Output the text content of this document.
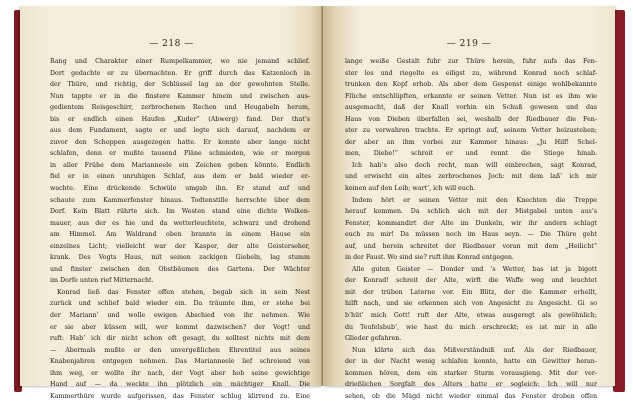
— 218 —
Rang und Charakter einer Rumpelkammer, wo nie jemand schlief.
Dort gedachte er zu übernachten. Er griff durch das Katzenloch in
der Thüre, und richtig, der Schlüssel lag an der gewohnten Stelle.
Nun tappte er in die finstere Kammer hinein und zwischen aus-
gedientem Reisgeschirr, zerbrochenen Rechen und Heugabeln herum,
bis er endlich einen Haufen „Kuder“ (Abwerg) fand. Der that’s
aus dem Fundament, sagte er und legte sich darauf, nachdem er
zuvor den Schoppen ausgezogen hatte. Er konnte aber lange nicht
schlafen, denn er mußte tausend Pläne schmieden, wie er morgen
in aller Frühe dem Marianneele ein Zeichen geben könnte. Endlich
fiel er in einen unruhigen Schlaf, aus dem er bald wieder er-
wachte. Eine drückende Schwüle umgab ihn. Er stand auf und
schaute zum Kammerfenster hinaus. Todtenstille herrschte über dem
Dorf. Kein Blatt rührte sich. Im Westen stand eine dichte Wolken-
mauer, aus der es hie und da wetterleuchtete, schwarz und drohend
am Himmel. Am Waldrand oben brannte in einem Hause ein
einzelnes Licht; vielleicht war der Kasper, der alte Geisterseher,
krank. Des Vogts Haus, mit seinen zackigen Giebeln, lag stumm
und finster zwischen den Obstbäumen des Gartens. Der Wächter
im Dorfe unten rief Mitternacht.
Konrad ließ das Fenster offen stehen, begab sich in sein Nest
zurück und schlief bald wieder ein. Da träumte ihm, er stehe bei
der Mariann’ und wolle ewigen Abschied von ihr nehmen. Wie
er sie aber küssen will, wer kommt dazwischen? der Vogt! und
ruft: Hab’ ich dir nicht schon oft gesagt, du solltest nichts mit dem
— Abermals mußte er den unvergeßlichen Ehrentitel aus seines
Knabenjahren entgegen nehmen. Das Marianneele lief schreiend von
ihm weg, er wollte ihr nach, der Vogt aber hob seine gewichtige
Hand auf — da weckte ihn plötzlich ein mächtiger Knall. Die
Kammerthüre wurde aufgerissen, das Fenster schlug klirrend zu. Eine
— 219 —
lange weiße Gestalt fuhr zur Thüre herein, fuhr aufs das Fen-
ster los und riegelte es eiligst zu, während Konrad noch schlaf-
trunken den Kopf erhob. Als aber dem Gespenst einige wohlbekannte
Flüche entschlüpften, erkannte er seinen Vetter. Nun ist es ihm wie
ausgemacht, daß der Knall vorhin ein Schuß gewesen und das
Haus von Dieben überfallen sei, weshalb der Riedbauer die Fen-
ster zu verwahren trachte. Er springt auf, seinem Vetter beizustehen;
der aber an ihm vorbei zur Kammer hinaus: „Ju Hilf! Schel-
men, Diebe!“ schreit er und rennt die Stiege hinab.
Ich hab’s also doch recht, man will einbrechen, sagt Konrad,
und erwischt ein altes zerbrochenes Joch: mit dem laß’ ich mir
keinen auf den Leib; wart’, ich will euch.
Indem hört er seinen Vetter mit den Knechten die Treppe
herauf kommen. Da schlich sich mit der Mistgabel unten aus’s
Fenster, kommandirt der Alte im Dunkeln, wir ihr andern schlagt
euch zu mir! Da müssen noch im Haus seyn. — Die Thüre geht
auf, und herein schreitet der Riedbauer voran mit dem „Heilicht“
in der Faust. Wo sind sie? ruft ihm Konrad entgegen.
Alle guten Geister — Donder und ’s Wetter, bas ist ja bigott
der Konrad! schreit der Alte, wirft die Waffe weg und leuchtet
mit der trüben Laterne vor. Ein Blitz, der die Kammer erhellt,
hilft nach, und sie erkennen sich von Angesicht zu Angesicht. Gi so
b’hüt’ mich Gott! ruft der Alte, etwas ausgeregt als gewöhnlich;
du Teufelsbub’, wie hast du mich erschreckt; es ist mir in alle
Glieder gefahren.
Nun klärte sich das Mißverständniß auf. Als der Riedbauer,
der in der Nacht wenig schlafen konnte, hatte ein Gewitter heran-
kommen hören, dem ein starker Sturm vorausgieng. Mit der ver-
drießlichen Sorgfalt des Alters hatte er sogleich: Ich will nur
sehen, ob die Mägd nicht wieder einmal das Fenster droben offen
